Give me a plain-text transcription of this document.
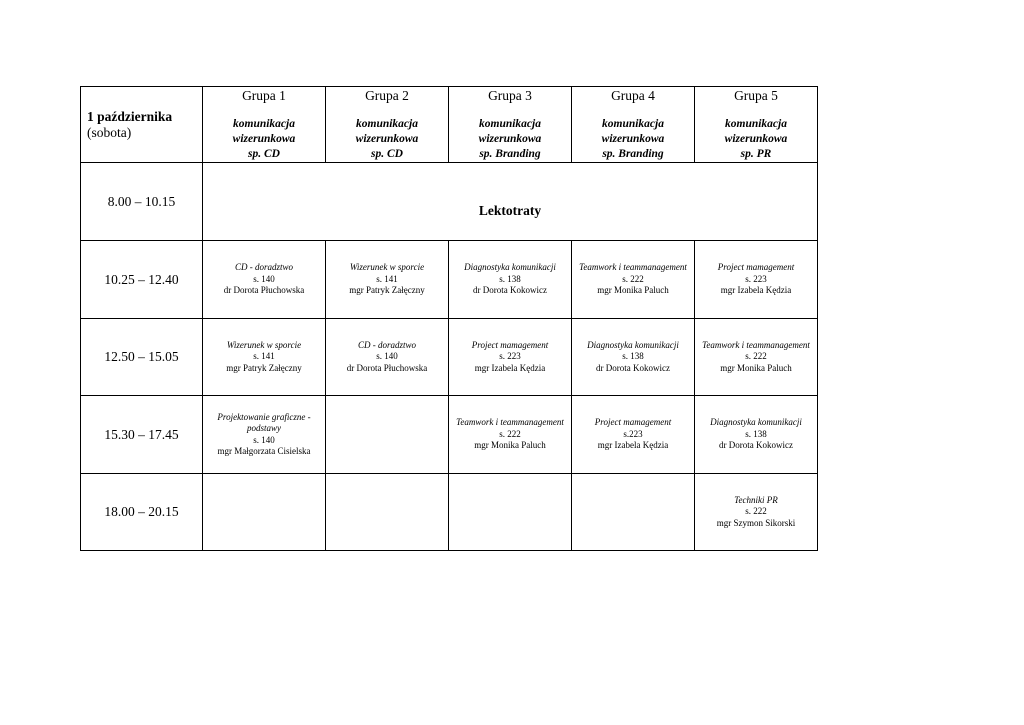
1 października
(sobota)	Grupa 1
komunikacja
wizerunkowa
sp. CD	Grupa 2
komunikacja
wizerunkowa
sp. CD	Grupa 3
komunikacja
wizerunkowa
sp. Branding	Grupa 4
komunikacja
wizerunkowa
sp. Branding	Grupa 5
komunikacja
wizerunkowa
sp. PR

8.00 – 10.15	Lektotraty				
10.25 – 12.40	CD - doradztwo
s. 140
dr Dorota Płuchowska	Wizerunek w sporcie
s. 141
mgr Patryk Załęczny	Diagnostyka komunikacji
s. 138
dr Dorota Kokowicz	Teamwork i teammanagement
s. 222
mgr Monika Paluch	Project mamagement
s. 223
mgr Izabela Kędzia

12.50 – 15.05	Wizerunek w sporcie
s. 141
mgr Patryk Załęczny	CD - doradztwo
s. 140
dr Dorota Płuchowska	Project mamagement
s. 223
mgr Izabela Kędzia	Diagnostyka komunikacji
s. 138
dr Dorota Kokowicz	Teamwork i teammanagement
s. 222
mgr Monika Paluch

15.30 – 17.45	Projektowanie graficzne - podstawy
s. 140
mgr Małgorzata Cisielska		Teamwork i teammanagement
s. 222
mgr Monika Paluch	Project mamagement
s.223
mgr Izabela Kędzia	Diagnostyka komunikacji
s. 138
dr Dorota Kokowicz

18.00 – 20.15					Techniki PR
s. 222
mgr Szymon Sikorski
